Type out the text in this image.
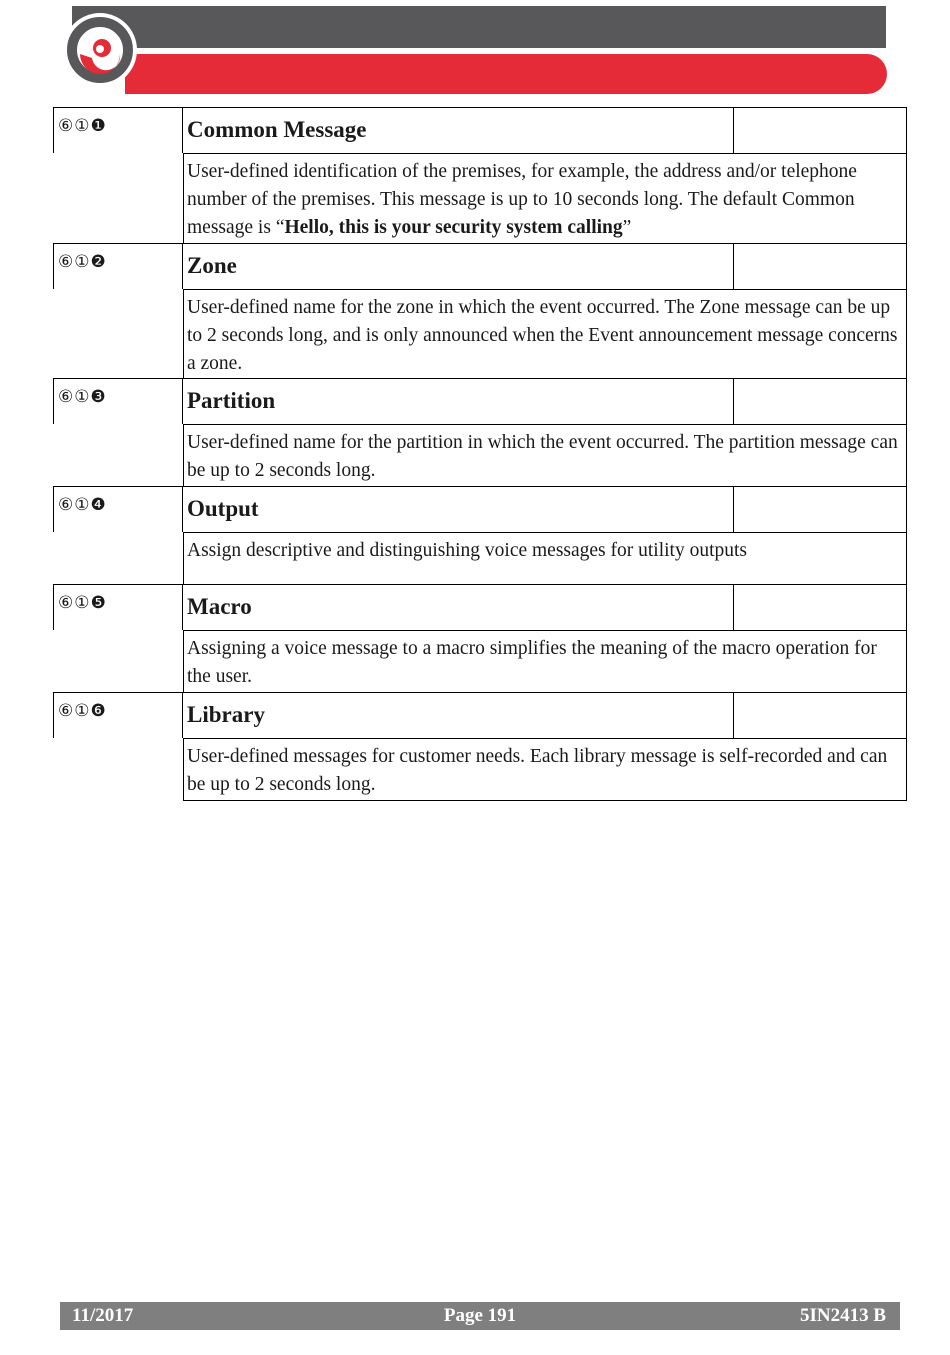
⑥①❶	Common Message
User-defined identification of the premises, for example, the address and/or telephone number of the premises. This message is up to 10 seconds long. The default Common message is “Hello, this is your security system calling”
⑥①❷	Zone
User-defined name for the zone in which the event occurred. The Zone message can be up to 2 seconds long, and is only announced when the Event announcement message concerns a zone.
⑥①❸	Partition
User-defined name for the partition in which the event occurred. The partition message can be up to 2 seconds long.
⑥①❹	Output
Assign descriptive and distinguishing voice messages for utility outputs
⑥①❺	Macro
Assigning a voice message to a macro simplifies the meaning of the macro operation for the user.
⑥①❻	Library
User-defined messages for customer needs. Each library message is self-recorded and can be up to 2 seconds long.
11/2017	Page 191	5IN2413 B
